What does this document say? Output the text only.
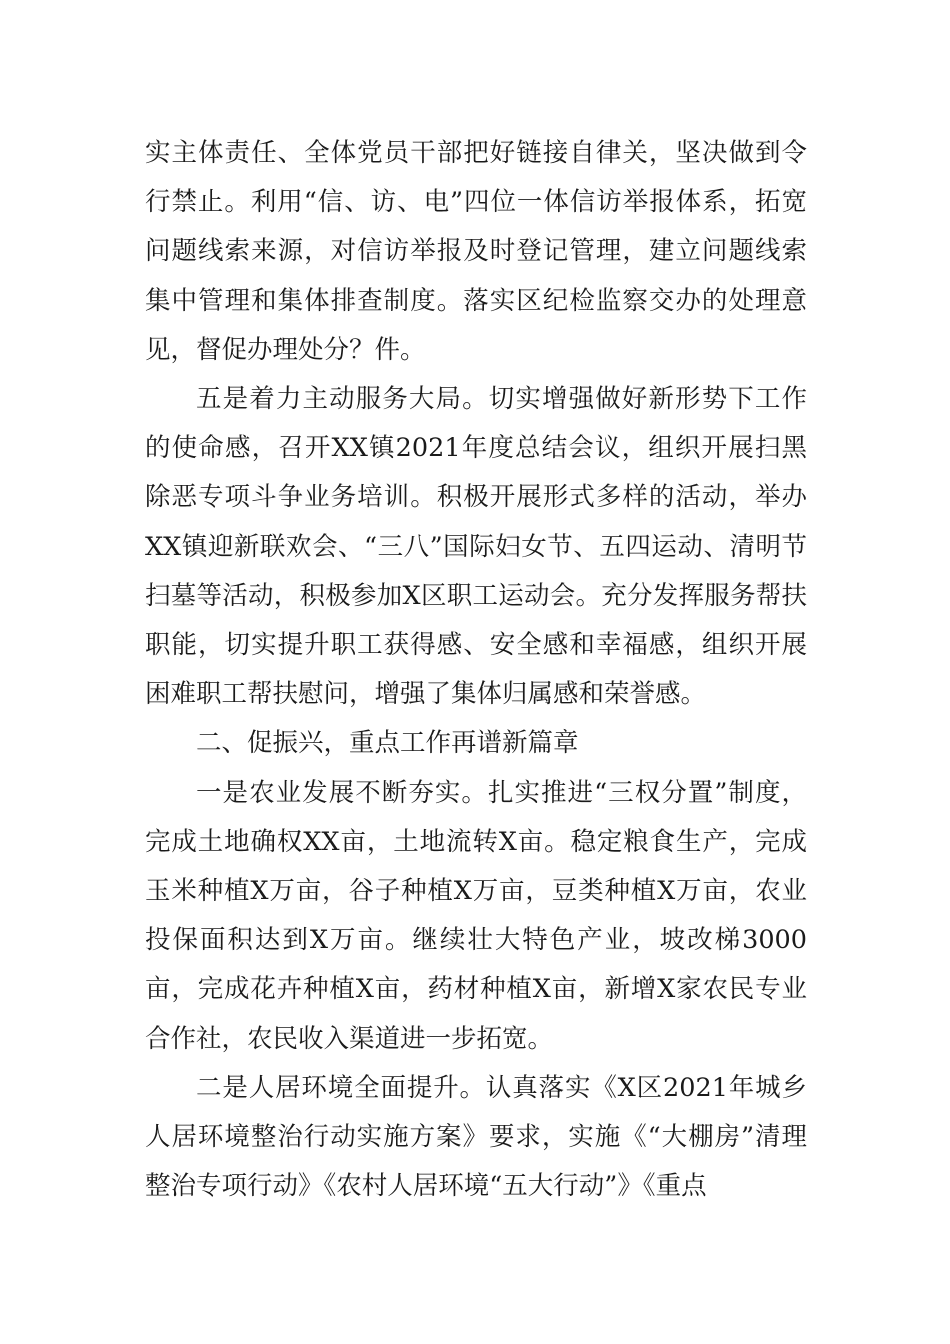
实主体责任、全体党员干部把好链接自律关，坚决做到令行禁止。利用“信、访、电”四位一体信访举报体系，拓宽问题线索来源，对信访举报及时登记管理，建立问题线索集中管理和集体排查制度。落实区纪检监察交办的处理意见，督促办理处分？件。

五是着力主动服务大局。切实增强做好新形势下工作的使命感，召开XX镇2021年度总结会议，组织开展扫黑除恶专项斗争业务培训。积极开展形式多样的活动，举办XX镇迎新联欢会、“三八”国际妇女节、五四运动、清明节扫墓等活动，积极参加X区职工运动会。充分发挥服务帮扶职能，切实提升职工获得感、安全感和幸福感，组织开展困难职工帮扶慰问，增强了集体归属感和荣誉感。

二、促振兴，重点工作再谱新篇章

一是农业发展不断夯实。扎实推进“三权分置”制度，完成土地确权XX亩，土地流转X亩。稳定粮食生产，完成玉米种植X万亩，谷子种植X万亩，豆类种植X万亩，农业投保面积达到X万亩。继续壮大特色产业，坡改梯3000亩，完成花卉种植X亩，药材种植X亩，新增X家农民专业合作社，农民收入渠道进一步拓宽。

二是人居环境全面提升。认真落实《X区2021年城乡人居环境整治行动实施方案》要求，实施《“大棚房”清理整治专项行动》《农村人居环境“五大行动”》《重点
